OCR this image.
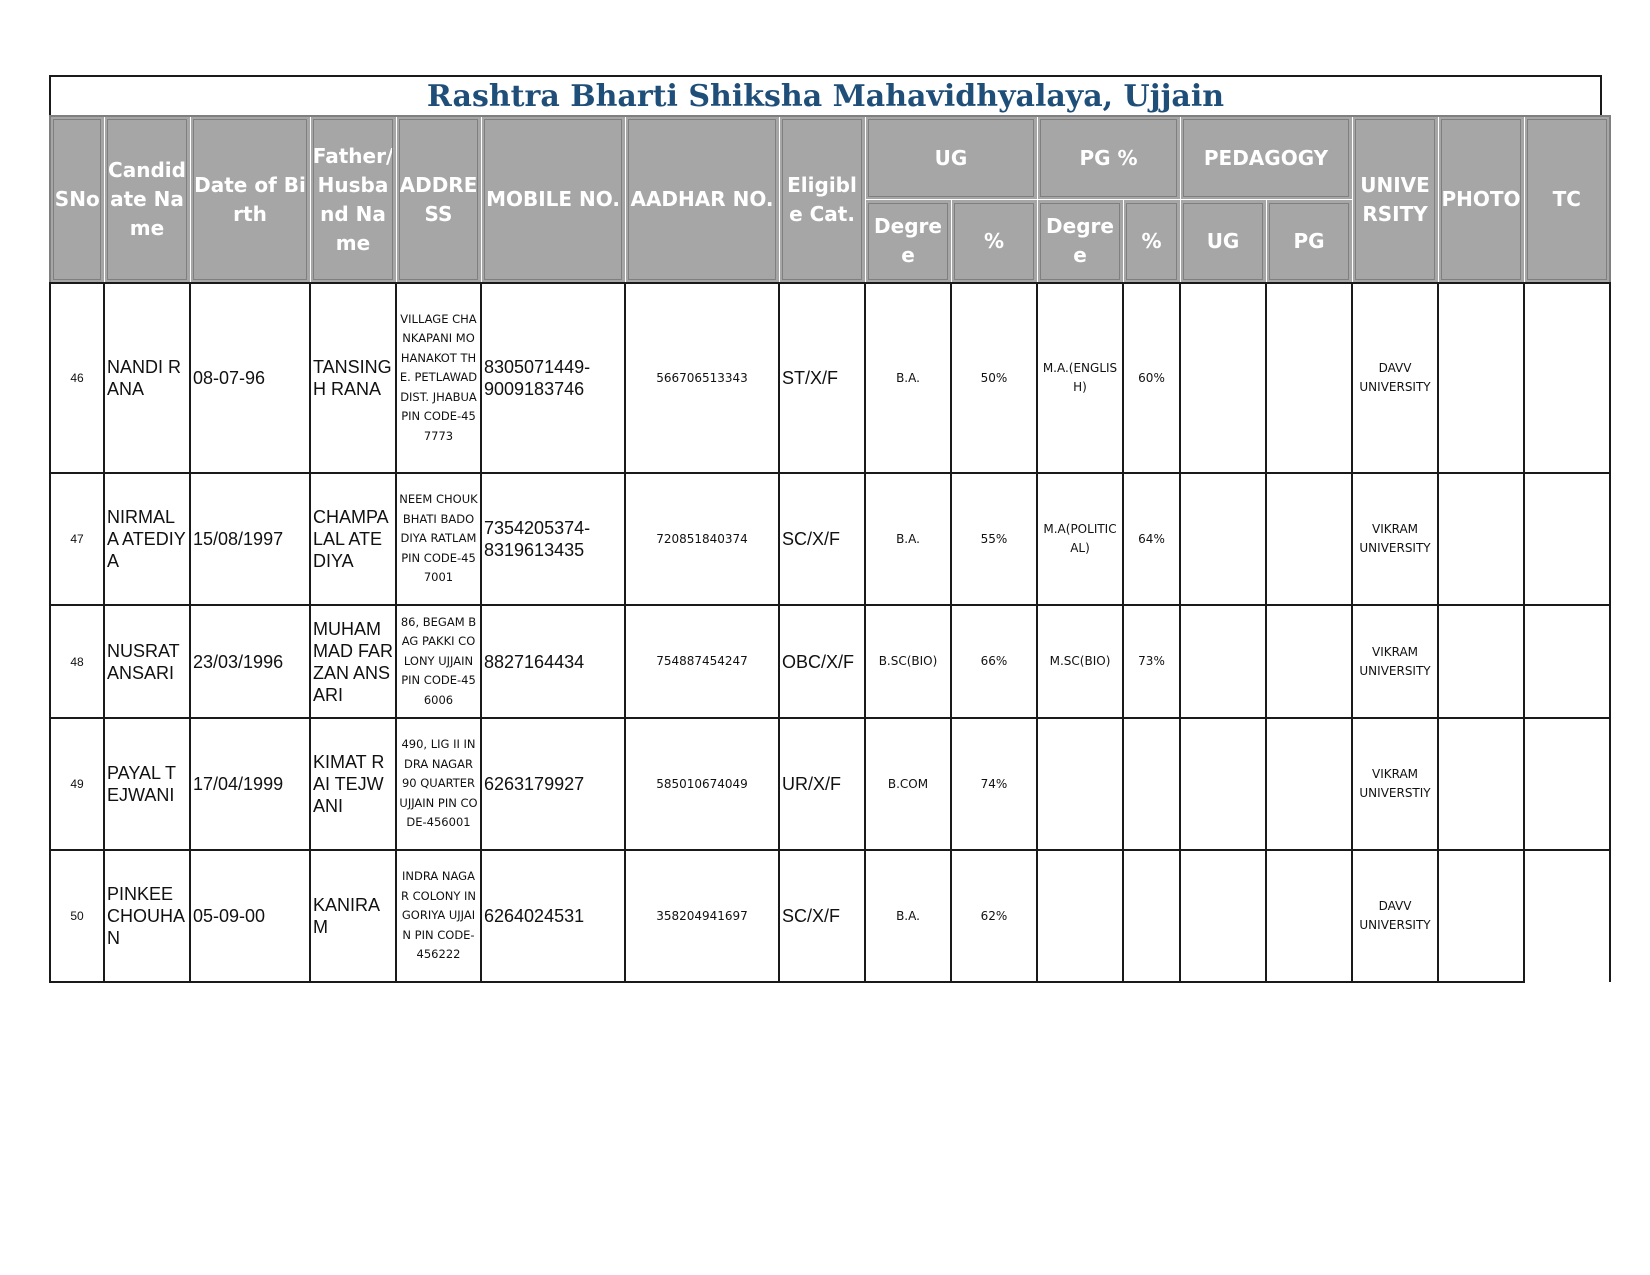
Rashtra Bharti Shiksha Mahavidhyalaya, Ujjain
SNo	Candidate Name	Date of Birth	Father/ Husband Name	ADDRESS	MOBILE NO.	AADHAR NO.	Eligible Cat.	UG		PG %		PEDAGOGY		UNIVERSITY	PHOTO	TC
								Degree	%	Degree	%	UG	PG			
46	NANDI RANA	08-07-96	TANSINGH RANA	VILLAGE CHANKAPANI MOHANAKOT THE. PETLAWAD DIST. JHABUA PIN CODE-457773	8305071449-9009183746	566706513343	ST/X/F	B.A.	50%	M.A.(ENGLISH)	60%			DAVV UNIVERSITY		
47	NIRMALA ATEDIYA	15/08/1997	CHAMPA LAL ATEDIYA	NEEM CHOUK BHATI BADODIYA RATLAM PIN CODE-457001	7354205374-8319613435	720851840374	SC/X/F	B.A.	55%	M.A(POLITICAL)	64%			VIKRAM UNIVERSITY		
48	NUSRAT ANSARI	23/03/1996	MUHAMMAD FARZAN ANSARI	86, BEGAM BAG PAKKI COLONY UJJAIN PIN CODE-456006	8827164434	754887454247	OBC/X/F	B.SC(BIO)	66%	M.SC(BIO)	73%			VIKRAM UNIVERSITY		
49	PAYAL TEJWANI	17/04/1999	KIMAT RAI TEJWANI	490, LIG II INDRA NAGAR 90 QUARTER UJJAIN PIN CODE-456001	6263179927	585010674049	UR/X/F	B.COM	74%					VIKRAM UNIVERSTIY		
50	PINKEE CHOUHAN	05-09-00	KANIRAM	INDRA NAGAR COLONY INGORIYA UJJAIN PIN CODE-456222	6264024531	358204941697	SC/X/F	B.A.	62%					DAVV UNIVERSITY		
